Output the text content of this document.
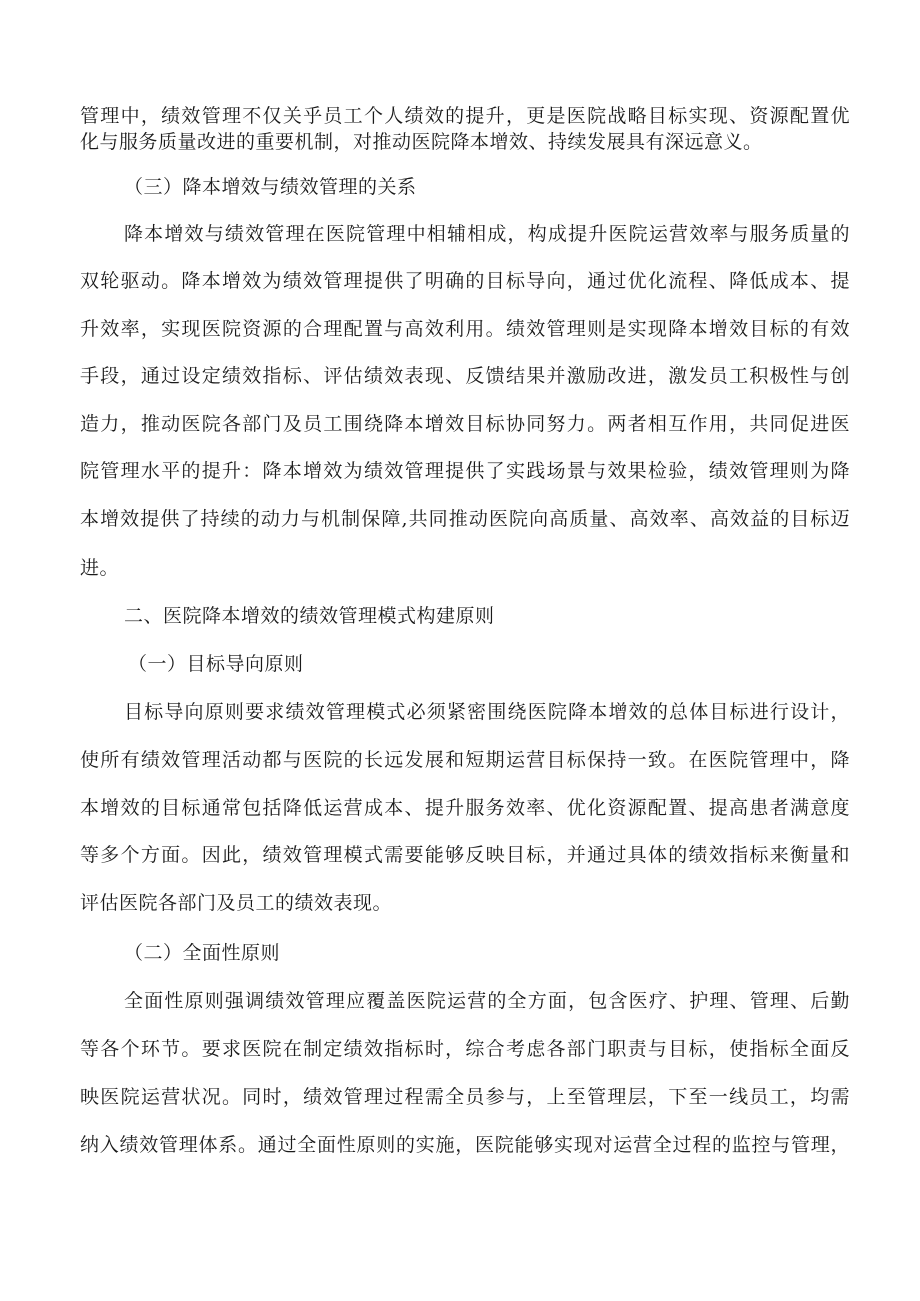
管理中，绩效管理不仅关乎员工个人绩效的提升，更是医院战略目标实现、资源配置优
化与服务质量改进的重要机制，对推动医院降本增效、持续发展具有深远意义。
（三）降本增效与绩效管理的关系
降本增效与绩效管理在医院管理中相辅相成，构成提升医院运营效率与服务质量的
双轮驱动。降本增效为绩效管理提供了明确的目标导向，通过优化流程、降低成本、提
升效率，实现医院资源的合理配置与高效利用。绩效管理则是实现降本增效目标的有效
手段，通过设定绩效指标、评估绩效表现、反馈结果并激励改进，激发员工积极性与创
造力，推动医院各部门及员工围绕降本增效目标协同努力。两者相互作用，共同促进医
院管理水平的提升：降本增效为绩效管理提供了实践场景与效果检验，绩效管理则为降
本增效提供了持续的动力与机制保障,共同推动医院向高质量、高效率、高效益的目标迈
进。
二、医院降本增效的绩效管理模式构建原则
（一）目标导向原则
目标导向原则要求绩效管理模式必须紧密围绕医院降本增效的总体目标进行设计，
使所有绩效管理活动都与医院的长远发展和短期运营目标保持一致。在医院管理中，降
本增效的目标通常包括降低运营成本、提升服务效率、优化资源配置、提高患者满意度
等多个方面。因此，绩效管理模式需要能够反映目标，并通过具体的绩效指标来衡量和
评估医院各部门及员工的绩效表现。
（二）全面性原则
全面性原则强调绩效管理应覆盖医院运营的全方面，包含医疗、护理、管理、后勤
等各个环节。要求医院在制定绩效指标时，综合考虑各部门职责与目标，使指标全面反
映医院运营状况。同时，绩效管理过程需全员参与，上至管理层，下至一线员工，均需
纳入绩效管理体系。通过全面性原则的实施，医院能够实现对运营全过程的监控与管理，
